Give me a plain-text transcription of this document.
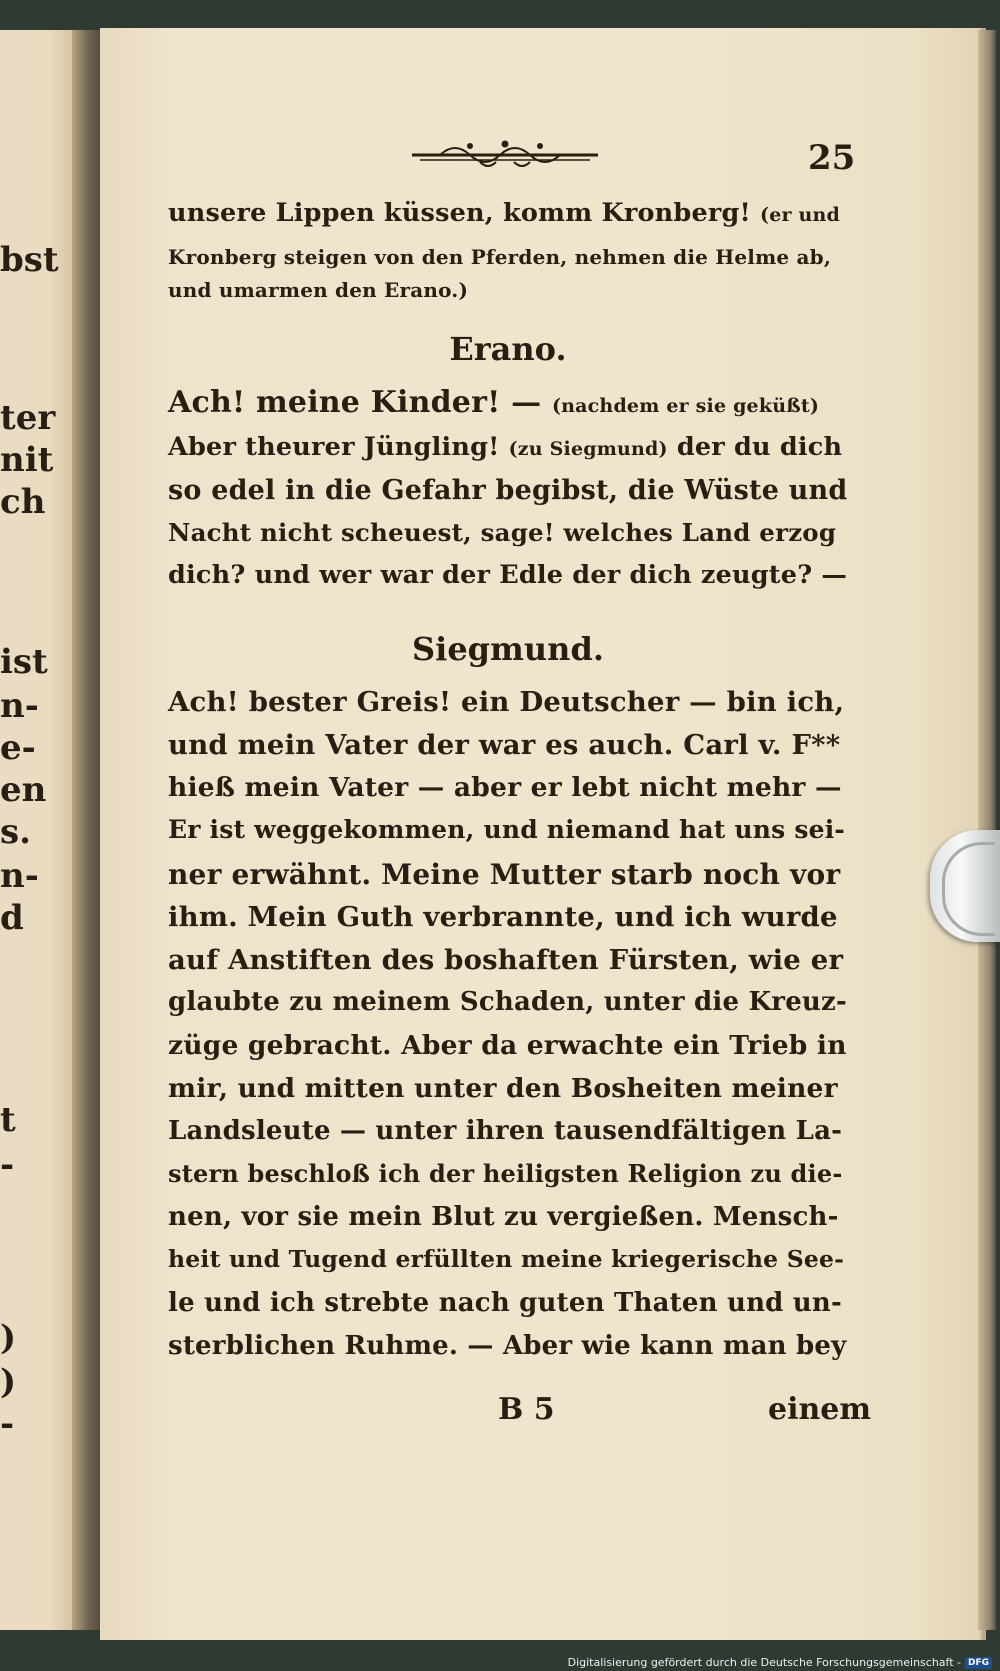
bst
ter
nit
ch
ist
n-
e-
en
s.
n-
d
t
-
)
)
-
25
unsere Lippen küssen, komm Kronberg! (er und
Kronberg steigen von den Pferden, nehmen die Helme ab,
und umarmen den Erano.)
Erano.
Ach! meine Kinder! — (nachdem er sie geküßt)
Aber theurer Jüngling! (zu Siegmund) der du dich
so edel in die Gefahr begibst, die Wüste und
Nacht nicht scheuest, sage! welches Land erzog
dich? und wer war der Edle der dich zeugte? —
Siegmund.
Ach! bester Greis! ein Deutscher — bin ich,
und mein Vater der war es auch. Carl v. F**
hieß mein Vater — aber er lebt nicht mehr —
Er ist weggekommen, und niemand hat uns sei-
ner erwähnt. Meine Mutter starb noch vor
ihm. Mein Guth verbrannte, und ich wurde
auf Anstiften des boshaften Fürsten, wie er
glaubte zu meinem Schaden, unter die Kreuz-
züge gebracht. Aber da erwachte ein Trieb in
mir, und mitten unter den Bosheiten meiner
Landsleute — unter ihren tausendfältigen La-
stern beschloß ich der heiligsten Religion zu die-
nen, vor sie mein Blut zu vergießen. Mensch-
heit und Tugend erfüllten meine kriegerische See-
le und ich strebte nach guten Thaten und un-
sterblichen Ruhme. — Aber wie kann man bey
B 5	einem
Digitalisierung gefördert durch die Deutsche Forschungsgemeinschaft - DFG
